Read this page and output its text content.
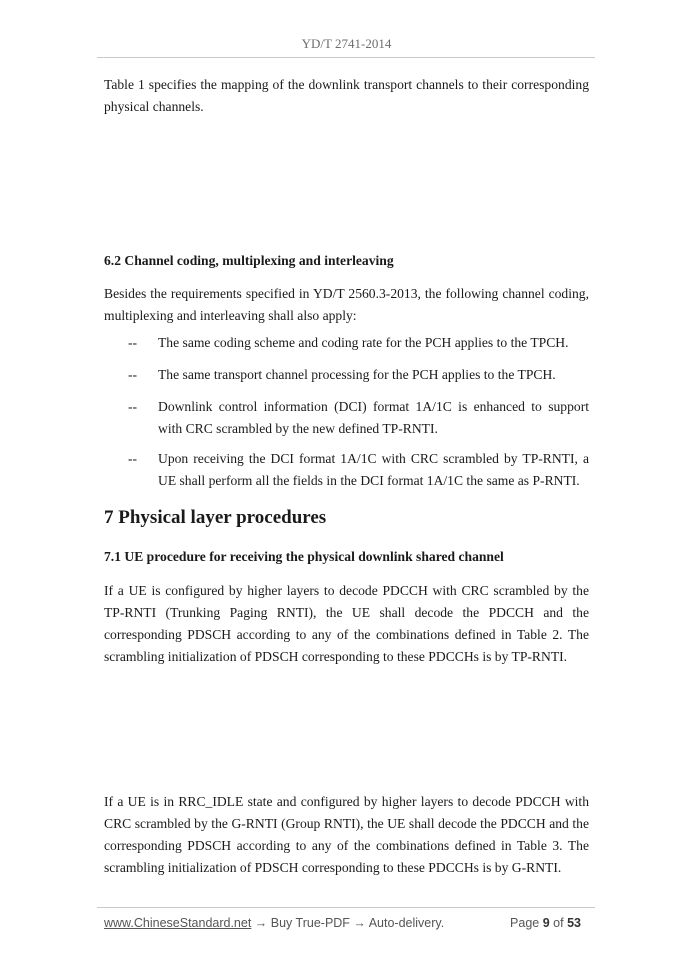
YD/T 2741-2014

Table 1 specifies the mapping of the downlink transport channels to their corresponding physical channels.

6.2 Channel coding, multiplexing and interleaving

Besides the requirements specified in YD/T 2560.3-2013, the following channel coding, multiplexing and interleaving shall also apply:

--	The same coding scheme and coding rate for the PCH applies to the TPCH.
--	The same transport channel processing for the PCH applies to the TPCH.
--	Downlink control information (DCI) format 1A/1C is enhanced to support with CRC scrambled by the new defined TP-RNTI.
--	Upon receiving the DCI format 1A/1C with CRC scrambled by TP-RNTI, a UE shall perform all the fields in the DCI format 1A/1C the same as P-RNTI.

7 Physical layer procedures

7.1 UE procedure for receiving the physical downlink shared channel

If a UE is configured by higher layers to decode PDCCH with CRC scrambled by the TP-RNTI (Trunking Paging RNTI), the UE shall decode the PDCCH and the corresponding PDSCH according to any of the combinations defined in Table 2. The scrambling initialization of PDSCH corresponding to these PDCCHs is by TP-RNTI.

If a UE is in RRC_IDLE state and configured by higher layers to decode PDCCH with CRC scrambled by the G-RNTI (Group RNTI), the UE shall decode the PDCCH and the corresponding PDSCH according to any of the combinations defined in Table 3. The scrambling initialization of PDSCH corresponding to these PDCCHs is by G-RNTI.

www.ChineseStandard.net → Buy True-PDF → Auto-delivery.	Page 9 of 53
